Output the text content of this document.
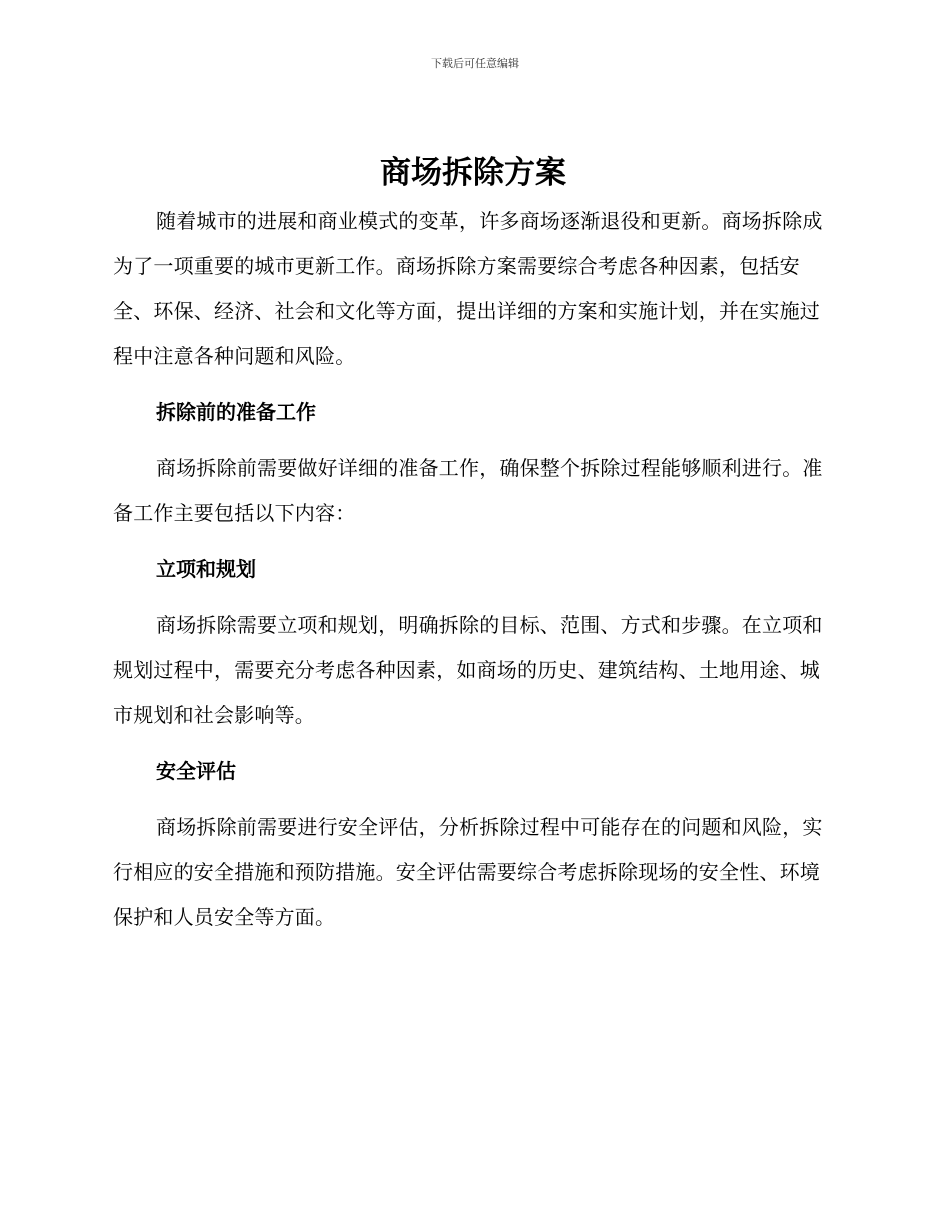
下载后可任意编辑
商场拆除方案

随着城市的进展和商业模式的变革，许多商场逐渐退役和更新。商场拆除成为了一项重要的城市更新工作。商场拆除方案需要综合考虑各种因素，包括安全、环保、经济、社会和文化等方面，提出详细的方案和实施计划，并在实施过程中注意各种问题和风险。

拆除前的准备工作

商场拆除前需要做好详细的准备工作，确保整个拆除过程能够顺利进行。准备工作主要包括以下内容：

立项和规划

商场拆除需要立项和规划，明确拆除的目标、范围、方式和步骤。在立项和规划过程中，需要充分考虑各种因素，如商场的历史、建筑结构、土地用途、城市规划和社会影响等。

安全评估

商场拆除前需要进行安全评估，分析拆除过程中可能存在的问题和风险，实行相应的安全措施和预防措施。安全评估需要综合考虑拆除现场的安全性、环境保护和人员安全等方面。
